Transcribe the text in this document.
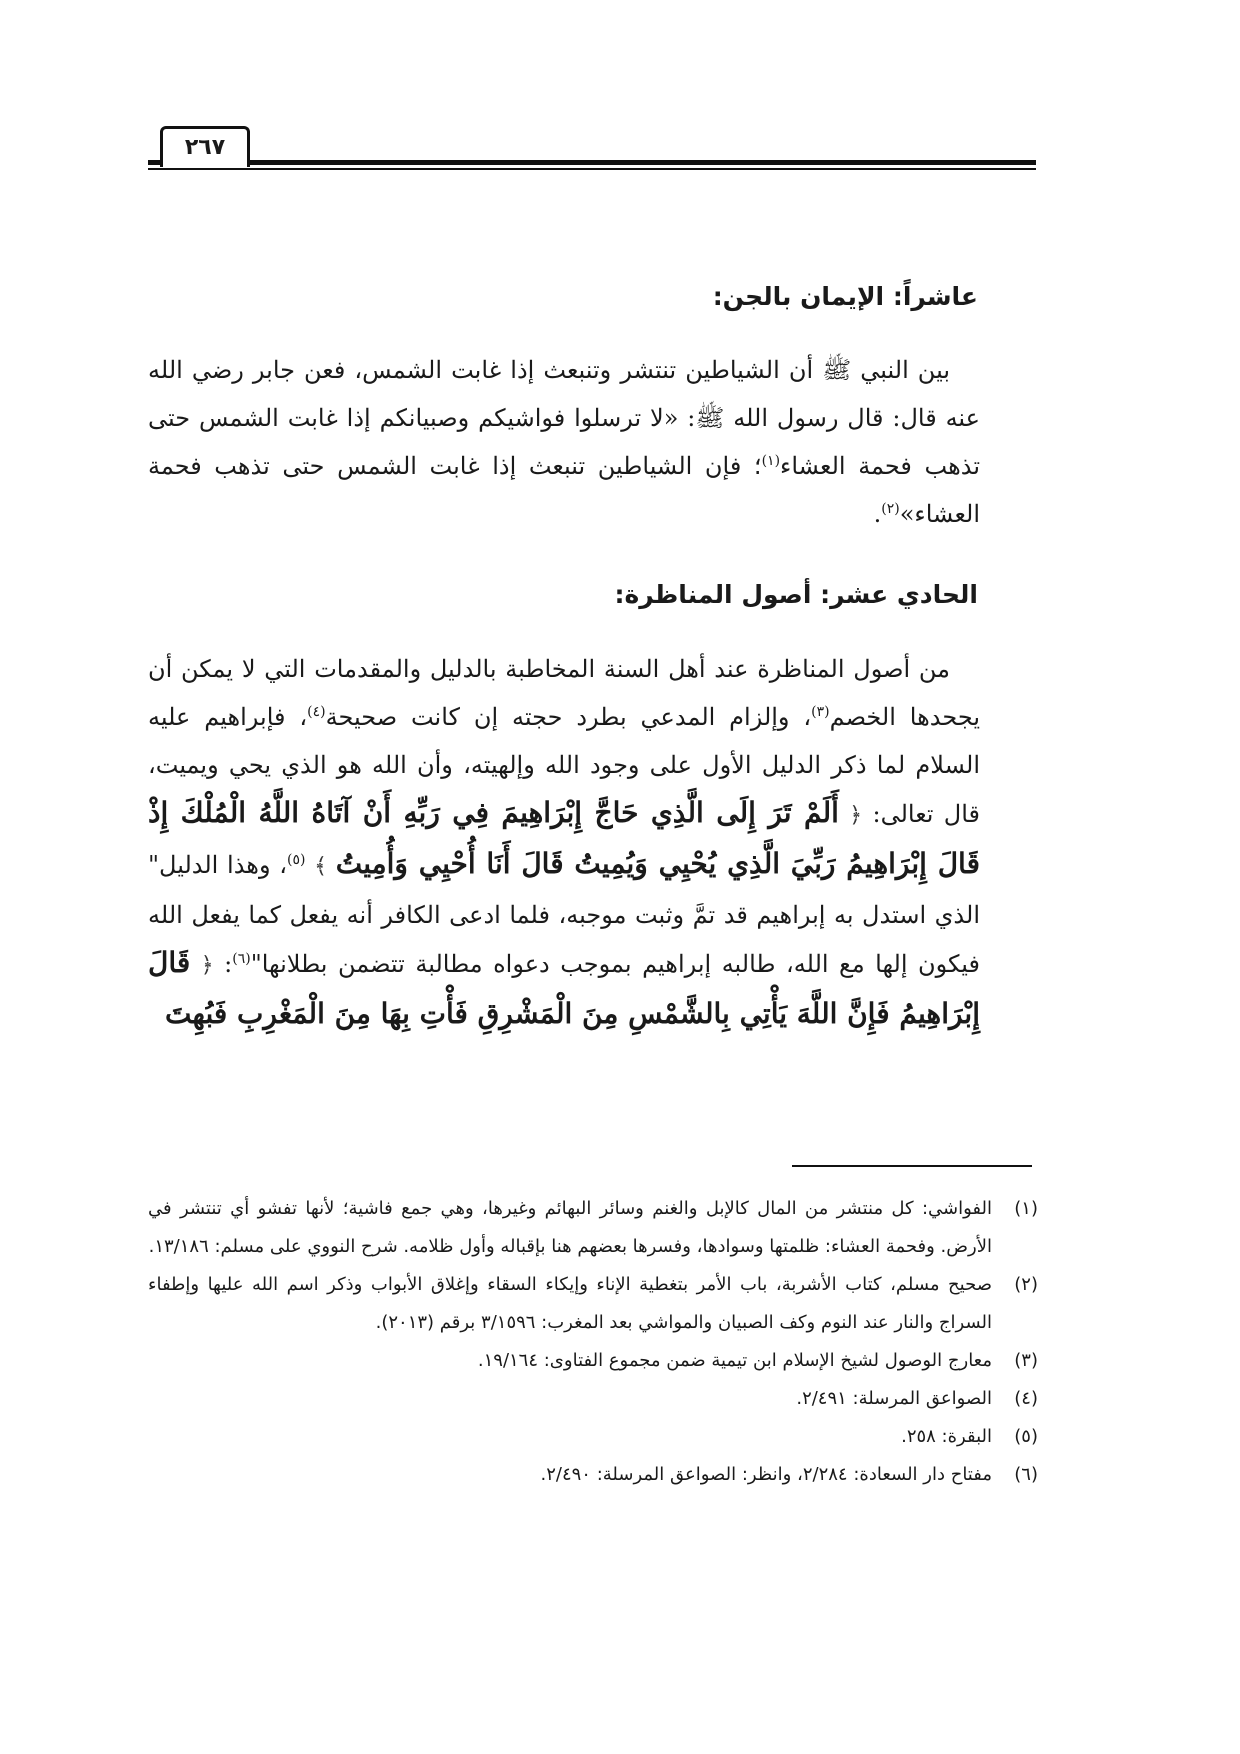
٢٦٧
عاشراً: الإيمان بالجن:
بين النبي ﷺ أن الشياطين تنتشر وتنبعث إذا غابت الشمس، فعن جابر رضي الله عنه قال: قال رسول الله ﷺ: «لا ترسلوا فواشيكم وصبيانكم إذا غابت الشمس حتى تذهب فحمة العشاء$^{(١)}$؛ فإن الشياطين تنبعث إذا غابت الشمس حتى تذهب فحمة العشاء»$^{(٢)}$.
الحادي عشر: أصول المناظرة:
من أصول المناظرة عند أهل السنة المخاطبة بالدليل والمقدمات التي لا يمكن أن يجحدها الخصم$^{(٣)}$، وإلزام المدعي بطرد حجته إن كانت صحيحة$^{(٤)}$، فإبراهيم عليه السلام لما ذكر الدليل الأول على وجود الله وإلهيته، وأن الله هو الذي يحي ويميت، قال تعالى: ﴿ أَلَمْ تَرَ إِلَى الَّذِي حَاجَّ إِبْرَاهِيمَ فِي رَبِّهِ أَنْ آتَاهُ اللَّهُ الْمُلْكَ إِذْ قَالَ إِبْرَاهِيمُ رَبِّيَ الَّذِي يُحْيِي وَيُمِيتُ قَالَ أَنَا أُحْيِي وَأُمِيتُ ﴾ $^{(٥)}$، وهذا الدليل" الذي استدل به إبراهيم قد تمَّ وثبت موجبه، فلما ادعى الكافر أنه يفعل كما يفعل الله فيكون إلها مع الله، طالبه إبراهيم بموجب دعواه مطالبة تتضمن بطلانها"$^{(٦)}$: ﴿ قَالَ إِبْرَاهِيمُ فَإِنَّ اللَّهَ يَأْتِي بِالشَّمْسِ مِنَ الْمَشْرِقِ فَأْتِ بِهَا مِنَ الْمَغْرِبِ فَبُهِتَ
(١)
الفواشي: كل منتشر من المال كالإبل والغنم وسائر البهائم وغيرها، وهي جمع فاشية؛ لأنها تفشو أي تنتشر في الأرض. وفحمة العشاء: ظلمتها وسوادها، وفسرها بعضهم هنا بإقباله وأول ظلامه. شرح النووي على مسلم: ١٣/١٨٦.
(٢)
صحيح مسلم، كتاب الأشربة، باب الأمر بتغطية الإناء وإيكاء السقاء وإغلاق الأبواب وذكر اسم الله عليها وإطفاء السراج والنار عند النوم وكف الصبيان والمواشي بعد المغرب: ٣/١٥٩٦ برقم (٢٠١٣).
(٣)
معارج الوصول لشيخ الإسلام ابن تيمية ضمن مجموع الفتاوى: ١٩/١٦٤.
(٤)
الصواعق المرسلة: ٢/٤٩١.
(٥)
البقرة: ٢٥٨.
(٦)
مفتاح دار السعادة: ٢/٢٨٤، وانظر: الصواعق المرسلة: ٢/٤٩٠.
